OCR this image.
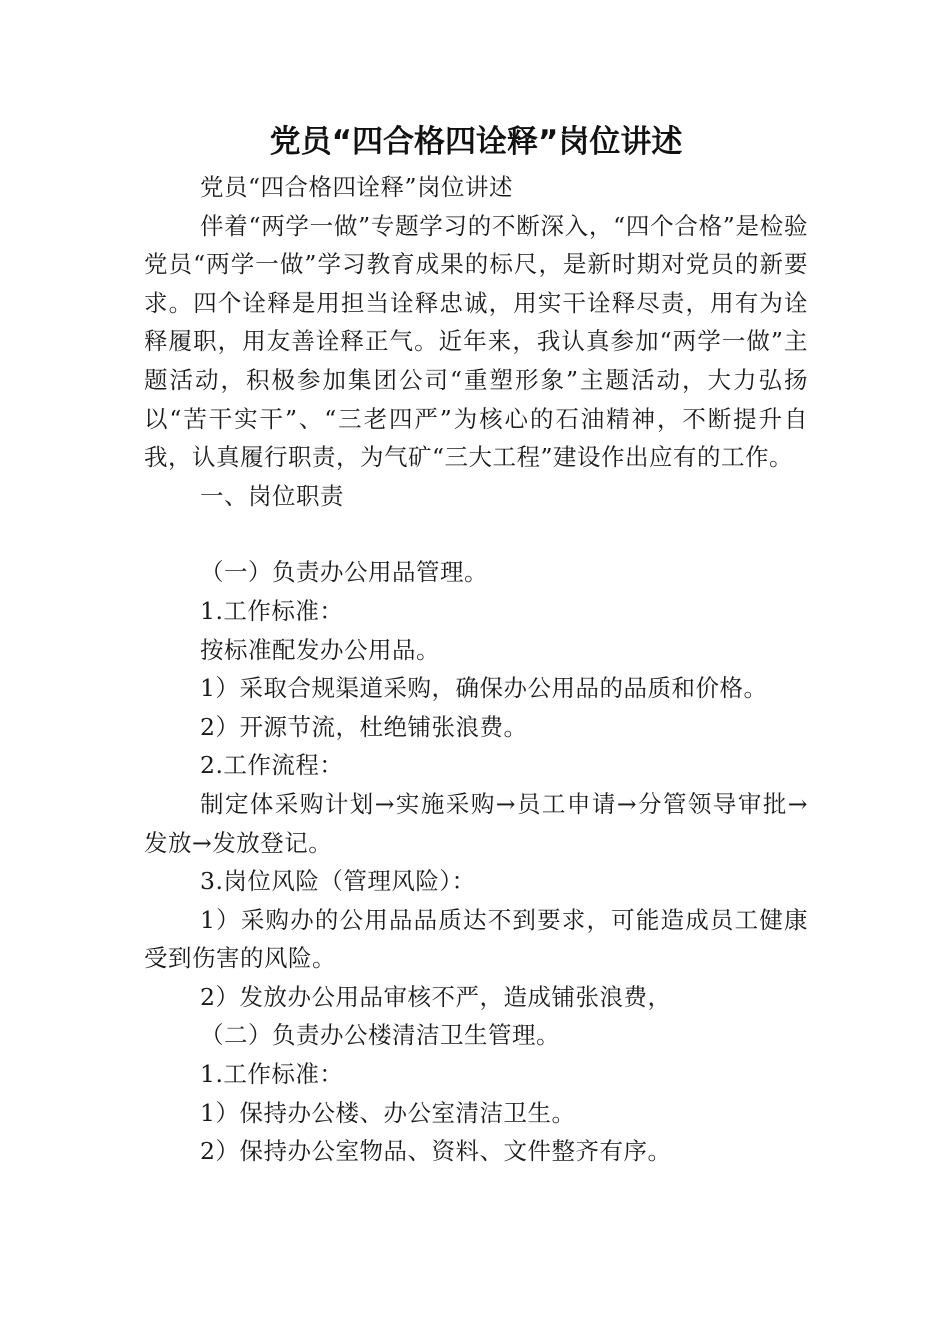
党员“四合格四诠释”岗位讲述

党员“四合格四诠释”岗位讲述

伴着“两学一做”专题学习的不断深入，“四个合格”是检验党员“两学一做”学习教育成果的标尺，是新时期对党员的新要求。四个诠释是用担当诠释忠诚，用实干诠释尽责，用有为诠释履职，用友善诠释正气。近年来，我认真参加“两学一做”主题活动，积极参加集团公司“重塑形象”主题活动，大力弘扬以“苦干实干”、“三老四严”为核心的石油精神，不断提升自我，认真履行职责，为气矿“三大工程”建设作出应有的工作。

一、岗位职责

（一）负责办公用品管理。

1.工作标准：

按标准配发办公用品。

1）采取合规渠道采购，确保办公用品的品质和价格。

2）开源节流，杜绝铺张浪费。

2.工作流程：

制定体采购计划→实施采购→员工申请→分管领导审批→发放→发放登记。

3.岗位风险（管理风险）：

1）采购办的公用品品质达不到要求，可能造成员工健康受到伤害的风险。

2）发放办公用品审核不严，造成铺张浪费，

（二）负责办公楼清洁卫生管理。

1.工作标准：

1）保持办公楼、办公室清洁卫生。

2）保持办公室物品、资料、文件整齐有序。
